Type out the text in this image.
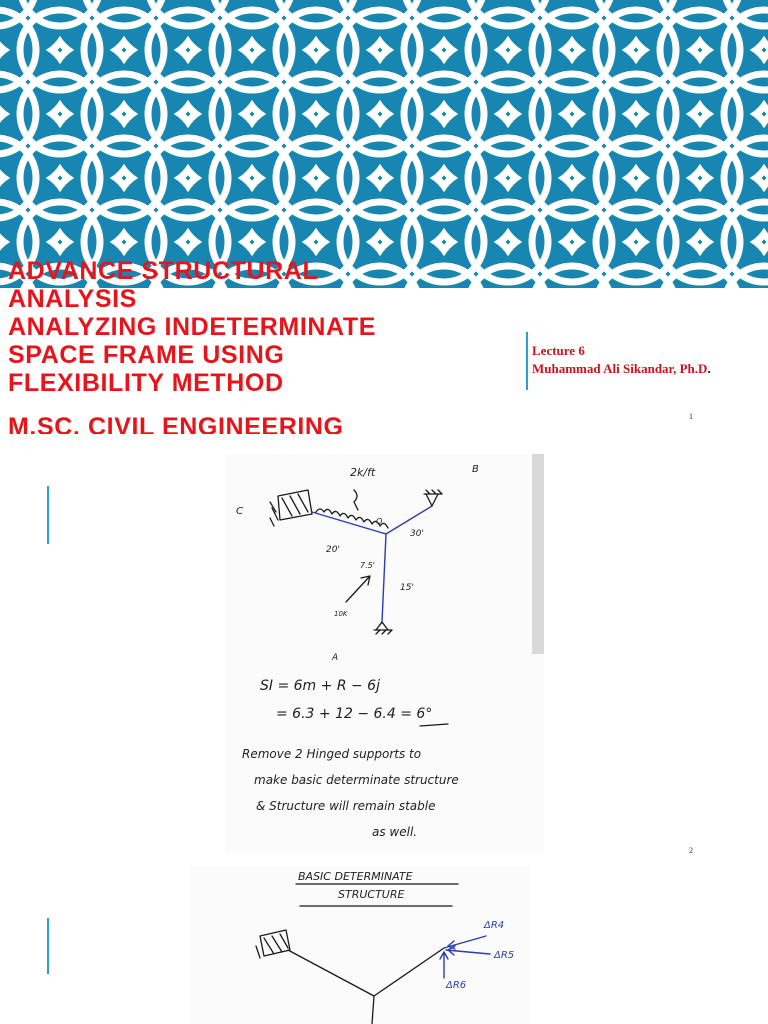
ADVANCE STRUCTURAL
ANALYSIS
ANALYZING INDETERMINATE
SPACE FRAME USING
FLEXIBILITY METHOD
M.SC. CIVIL ENGINEERING
Lecture 6
Muhammad Ali Sikandar, Ph.D.
1
2k/ft	B
C
O
A
20'
30'
15'
7.5'
10K
SI = 6m + R − 6j
= 6.3 + 12 − 6.4 = 6°
Remove 2 Hinged supports to
make basic determinate structure
& Structure will remain stable
as well.
2
BASIC DETERMINATE
STRUCTURE
ΔR4
ΔR5
ΔR6
